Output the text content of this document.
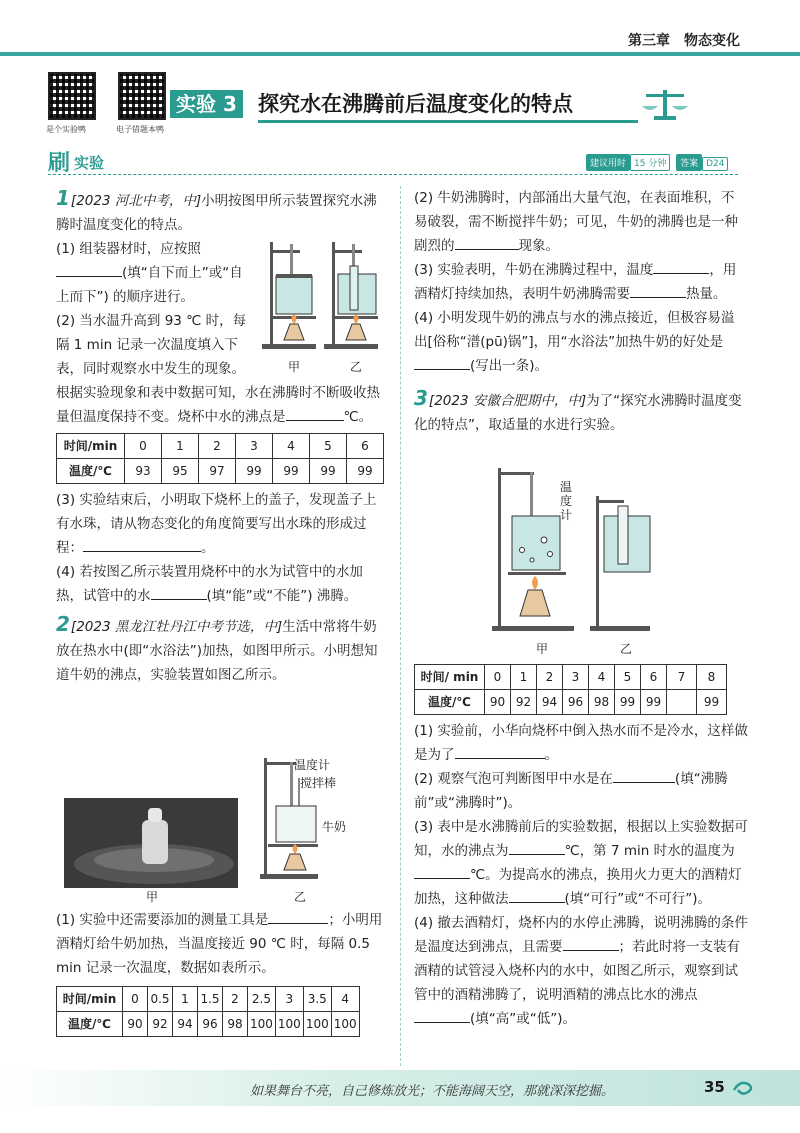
第三章　物态变化
是个实验鸭	电子错题本鸭
实验 3 探究水在沸腾前后温度变化的特点
刷 实验	建议用时 15 分钟 答案 D24
1[2023 河北中考，中]小明按图甲所示装置探究水沸腾时温度变化的特点。
(1) 组装器材时，应按照(填“自下而上”或“自上而下”) 的顺序进行。
(2) 当水温升高到 93 ℃ 时，每隔 1 min 记录一次温度填入下表，同时观察水中发生的现象。
根据实验现象和表中数据可知，水在沸腾时不断吸收热量但温度保持不变。烧杯中水的沸点是	℃。
时间/min	0	1	2	3	4	5	6
温度/℃	93	95	97	99	99	99	99
(3) 实验结束后，小明取下烧杯上的盖子，发现盖子上有水珠，请从物态变化的角度简要写出水珠的形成过程：	。
(4) 若按图乙所示装置用烧杯中的水为试管中的水加热，试管中的水	(填“能”或“不能”) 沸腾。
2[2023 黑龙江牡丹江中考节选，中]生活中常将牛奶放在热水中(即“水浴法”)加热，如图甲所示。小明想知道牛奶的沸点，实验装置如图乙所示。
甲	乙
甲
温度计
搅拌棒
牛奶
乙
(1) 实验中还需要添加的测量工具是	；小明用酒精灯给牛奶加热，当温度接近 90 ℃ 时，每隔 0.5 min 记录一次温度，数据如表所示。
时间/min	0	0.5	1	1.5	2	2.5	3	3.5	4
温度/℃	90	92	94	96	98	100	100	100	100
(2) 牛奶沸腾时，内部涌出大量气泡，在表面堆积，不易破裂，需不断搅拌牛奶；可见，牛奶的沸腾也是一种剧烈的	现象。
(3) 实验表明，牛奶在沸腾过程中，温度	，用酒精灯持续加热，表明牛奶沸腾需要	热量。
(4) 小明发现牛奶的沸点与水的沸点接近，但极容易溢出[俗称“潽(pū)锅”]，用“水浴法”加热牛奶的好处是(写出一条)。
3[2023 安徽合肥期中，中]为了“探究水沸腾时温度变化的特点”，取适量的水进行实验。
温度计
甲	乙
时间/ min	0	1	2	3	4	5	6	7	8
温度/℃	90	92	94	96	98	99	99		99
(1) 实验前，小华向烧杯中倒入热水而不是冷水，这样做是为了	。
(2) 观察气泡可判断图甲中水是在	(填“沸腾前”或“沸腾时”)。
(3) 表中是水沸腾前后的实验数据，根据以上实验数据可知，水的沸点为	℃，第 7 min 时水的温度为℃。为提高水的沸点，换用火力更大的酒精灯加热，这种做法	(填“可行”或“不可行”)。
(4) 撤去酒精灯，烧杯内的水停止沸腾，说明沸腾的条件是温度达到沸点，且需要	；若此时将一支装有酒精的试管浸入烧杯内的水中，如图乙所示，观察到试管中的酒精沸腾了，说明酒精的沸点比水的沸点(填“高”或“低”)。
如果舞台不亮，自己修炼放光；不能海阔天空，那就深深挖掘。	35
